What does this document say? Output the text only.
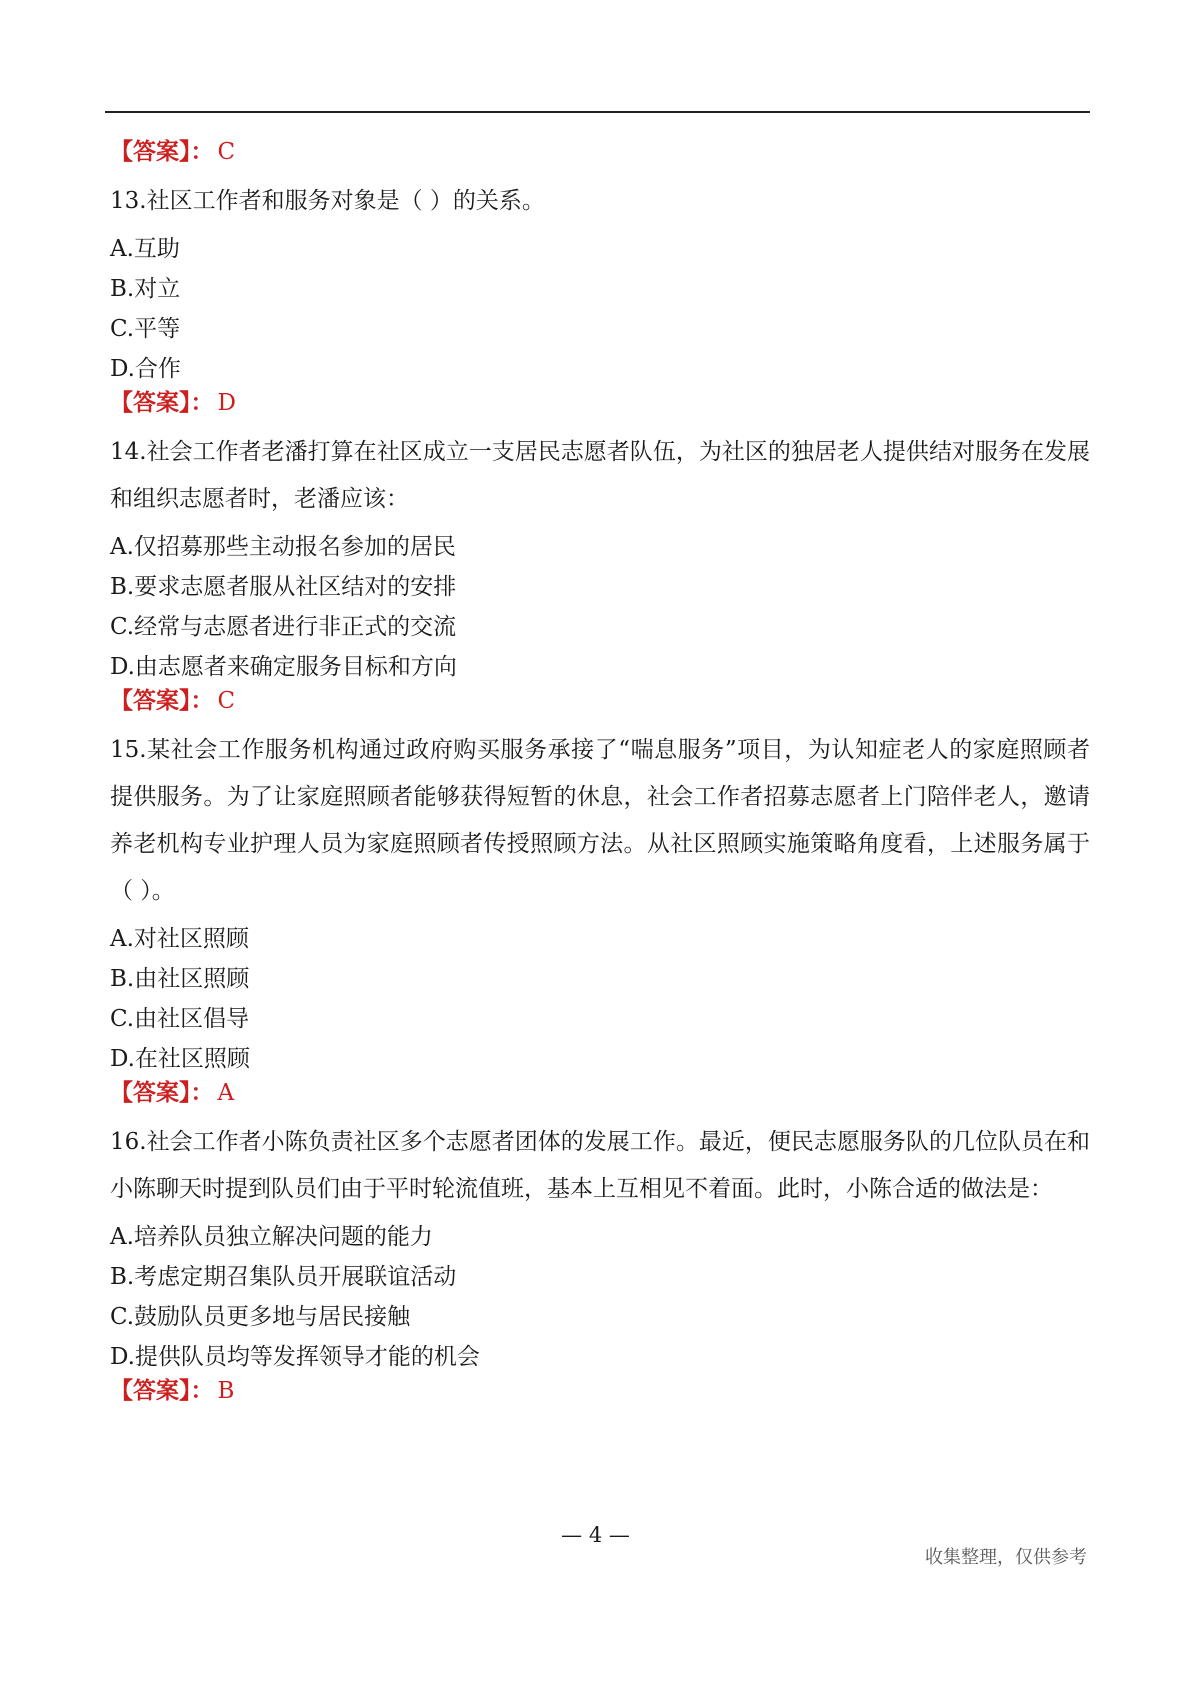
【答案】： C
13.社区工作者和服务对象是（ ）的关系。
A.互助
B.对立
C.平等
D.合作
【答案】： D
14.社会工作者老潘打算在社区成立一支居民志愿者队伍，为社区的独居老人提供结对服务在发展和组织志愿者时，老潘应该：
A.仅招募那些主动报名参加的居民
B.要求志愿者服从社区结对的安排
C.经常与志愿者进行非正式的交流
D.由志愿者来确定服务目标和方向
【答案】： C
15.某社会工作服务机构通过政府购买服务承接了“喘息服务”项目，为认知症老人的家庭照顾者提供服务。为了让家庭照顾者能够获得短暂的休息，社会工作者招募志愿者上门陪伴老人，邀请养老机构专业护理人员为家庭照顾者传授照顾方法。从社区照顾实施策略角度看，上述服务属于（ ）。
A.对社区照顾
B.由社区照顾
C.由社区倡导
D.在社区照顾
【答案】： A
16.社会工作者小陈负责社区多个志愿者团体的发展工作。最近，便民志愿服务队的几位队员在和小陈聊天时提到队员们由于平时轮流值班，基本上互相见不着面。此时，小陈合适的做法是：
A.培养队员独立解决问题的能力
B.考虑定期召集队员开展联谊活动
C.鼓励队员更多地与居民接触
D.提供队员均等发挥领导才能的机会
【答案】： B
— 4 —
收集整理，仅供参考
